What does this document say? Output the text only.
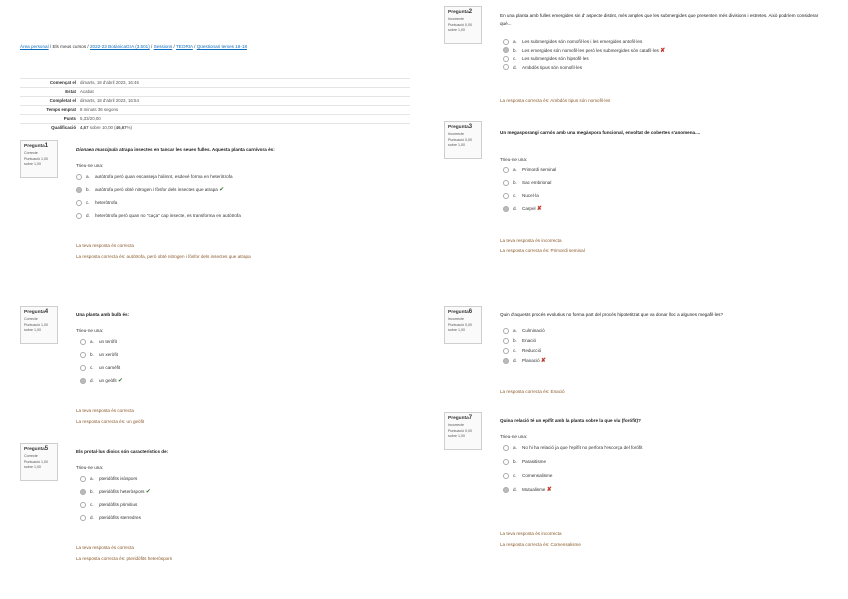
Àrea personal / Els meus cursos / 2022-23 BotànicaGrA (3.501) / Sessions / TEORIA / Qüestionari temes 16-18
Començat el	dimarts, 18 d'abril 2023, 16:46
Estat	Acabat
Completat el	dimarts, 18 d'abril 2023, 16:54
Temps emprat	8 minuts 36 segons
Punts	5,33/20,00
Qualificació	4,67 sobre 10,00 (46,67%)
Pregunta1
Correcte
Puntuació 1,00
sobre 1,00
Dionaea muscipula atrapa insectes en tancar les seues fulles. Aquesta planta carnívora és:
Trieu-ne una:
a. autòtrofa però quan escasseja l'alimnt, esdevé forma en heteròtrofa
b. autòtrofa però obté nitrogen i fòsfor dels insectes que atrapa ✔
c. heteròtrofa
d. heteròtrofa però quan no "caça" cap insecte, es transforma en autòtrofa
La teva resposta és correcta
La resposta correcta és: autòtrofa, però obté nitrogen i fòsfor dels insectes que atrapa
Pregunta2
Incorrecte
Puntuació 0,00
sobre 1,00
En una planta amb fulles emergides sin d' aspecte distint, més amples que les submergides que presenten més divisions i estretes. Això podríem considerar què...
a. Les submergides són nomofil·les i les emergides antofil·les
b. Les emergides són nomofil·les però les submergides són catafil·les ✘
c. Les submergides són hipsofil·les
d. Ambdós tipus són nomofil·les
La resposta correcta és: Ambdós tipus són nomofil·les
Pregunta3
Incorrecte
Puntuació 0,00
sobre 1,00
Un megasporangi carnós amb una megàspora funcional, envoltat de cobertes s'anomena....
Trieu-ne una:
a. Primordi seminal
b. Sac embrional
c. Nucel·la
d. Carpel ✘
La teva resposta és incorrecta
La resposta correcta és: Primordi seminal
Pregunta4
Correcte
Puntuació 1,00
sobre 1,00
Una planta amb bulb és:
Trieu-ne una:
a. un terófit
b. un xeròfit
c. un camèfit
d. un geòfit ✔
La teva resposta és correcta
La resposta correcta és: un geòfit
Pregunta5
Correcte
Puntuació 1,00
sobre 1,00
Els protal·lus dioics són característics de:
Trieu-ne una:
a. pteridòfits isòspors
b. pteridòfits heteròspors ✔
c. pteridòfits primitius
d. pteridòfits sterredres
La teva resposta és correcta
La resposta correcta és: pteridòfits heteròspors
Pregunta6
Incorrecte
Puntuació 0,00
sobre 1,00
Quin d'aquests procés evolutius no forma part del procés hipotetitzat que va donar lloc a algunes megafil·les?
a. Culminació
b. Enació
c. Reducció
d. Planació ✘
La resposta correcta és: Enació
Pregunta7
Incorrecte
Puntuació 0,00
sobre 1,00
Quina relació té un epífit amb la planta sobre la que viu (forófit)?
Trieu-ne una:
a. No hi ha relació ja que l'epífit no perfora l'escorça del forófit
b. Parasitisme
c. Comensalisme
d. Mutualisme ✘
La teva resposta és incorrecta
La resposta correcta és: Comensalisme
